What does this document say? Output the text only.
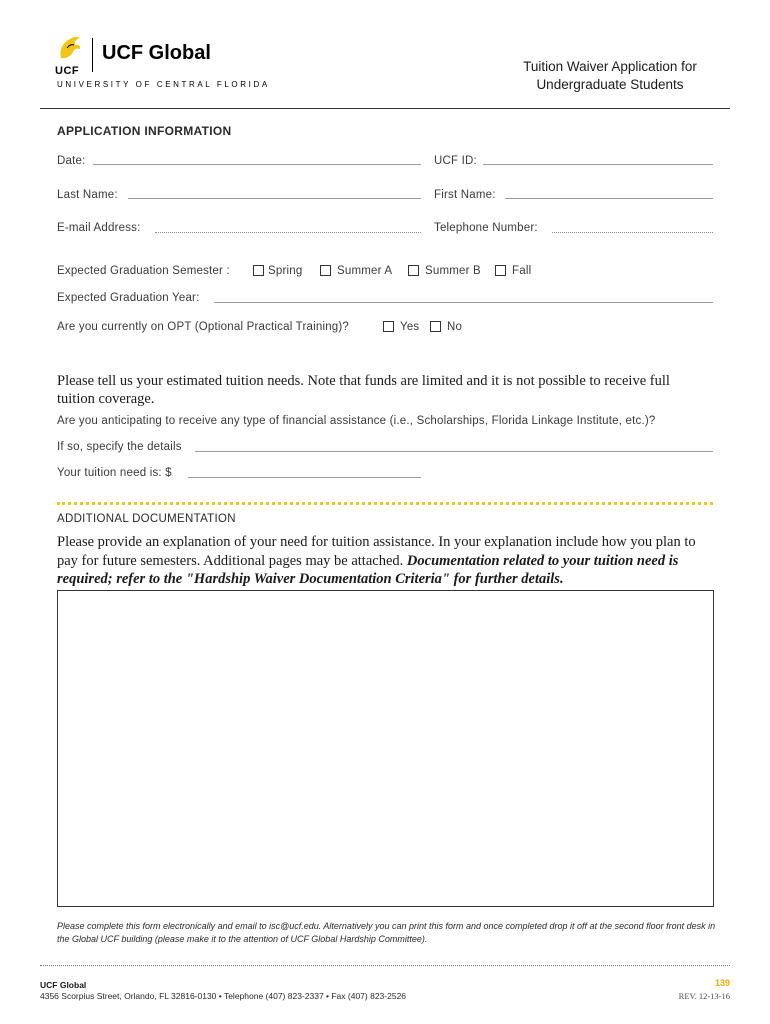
UCF
UCF Global
UNIVERSITY OF CENTRAL FLORIDA
Tuition Waiver Application for
Undergraduate Students
APPLICATION INFORMATION
Date:	UCF ID:
Last Name:	First Name:
E-mail Address:	Telephone Number:
Expected Graduation Semester :	Spring	Summer A	Summer B	Fall
Expected Graduation Year:
Are you currently on OPT (Optional Practical Training)?	Yes No
Please tell us your estimated tuition needs. Note that funds are limited and it is not possible to receive full tuition coverage.
Are you anticipating to receive any type of financial assistance (i.e., Scholarships, Florida Linkage Institute, etc.)?
If so, specify the details
Your tuition need is: $
ADDITIONAL DOCUMENTATION
Please provide an explanation of your need for tuition assistance. In your explanation include how you plan to pay for future semesters. Additional pages may be attached. Documentation related to your tuition need is required; refer to the "Hardship Waiver Documentation Criteria" for further details.
Please complete this form electronically and email to isc@ucf.edu. Alternatively you can print this form and once completed drop it off at the second floor front desk in the Global UCF building (please make it to the attention of UCF Global Hardship Committee).
UCF Global
4356 Scorpius Street, Orlando, FL 32816-0130 • Telephone (407) 823-2337 • Fax (407) 823-2526
139
REV. 12-13-16
